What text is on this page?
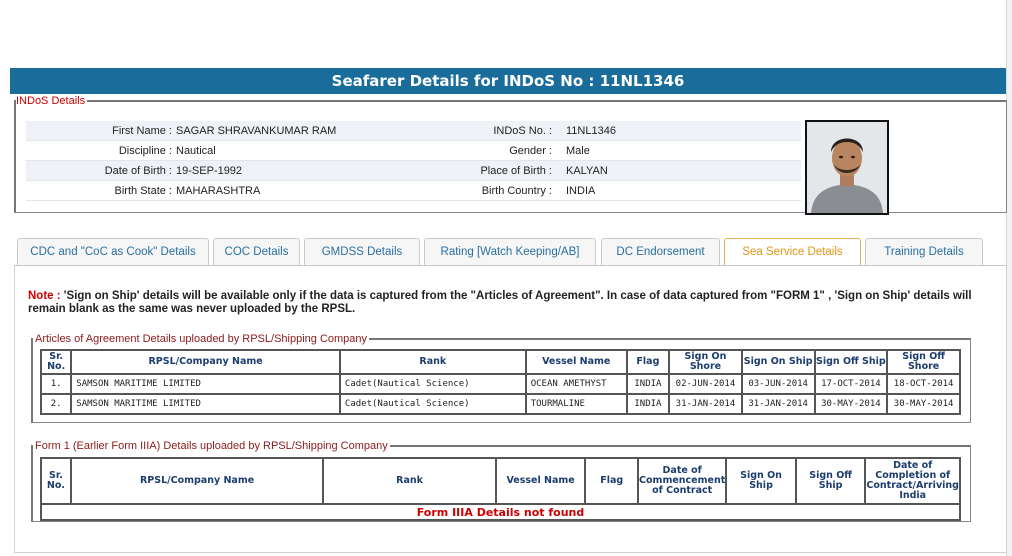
Seafarer Details for INDoS No : 11NL1346
INDoS Details
First Name : SAGAR SHRAVANKUMAR RAM	INDoS No. : 11NL1346
Discipline : Nautical	Gender : Male
Date of Birth : 19-SEP-1992	Place of Birth : KALYAN
Birth State : MAHARASHTRA	Birth Country : INDIA
CDC and "CoC as Cook" Details	COC Details	GMDSS Details	Rating [Watch Keeping/AB]	DC Endorsement	Sea Service Details	Training Details
Note : 'Sign on Ship' details will be available only if the data is captured from the "Articles of Agreement". In case of data captured from "FORM 1" , 'Sign on Ship' details will remain blank as the same was never uploaded by the RPSL.
Articles of Agreement Details uploaded by RPSL/Shipping Company
Sr. No.	RPSL/Company Name	Rank	Vessel Name	Flag	Sign On Shore	Sign On Ship	Sign Off Ship	Sign Off Shore
1.	SAMSON MARITIME LIMITED	Cadet(Nautical Science)	OCEAN AMETHYST	INDIA	02-JUN-2014	03-JUN-2014	17-OCT-2014	18-OCT-2014
2.	SAMSON MARITIME LIMITED	Cadet(Nautical Science)	TOURMALINE	INDIA	31-JAN-2014	31-JAN-2014	30-MAY-2014	30-MAY-2014
Form 1 (Earlier Form IIIA) Details uploaded by RPSL/Shipping Company
Sr. No.	RPSL/Company Name	Rank	Vessel Name	Flag	Date of Commencement of Contract	Sign On Ship	Sign Off Ship	Date of Completion of Contract/Arriving India
Form IIIA Details not found
